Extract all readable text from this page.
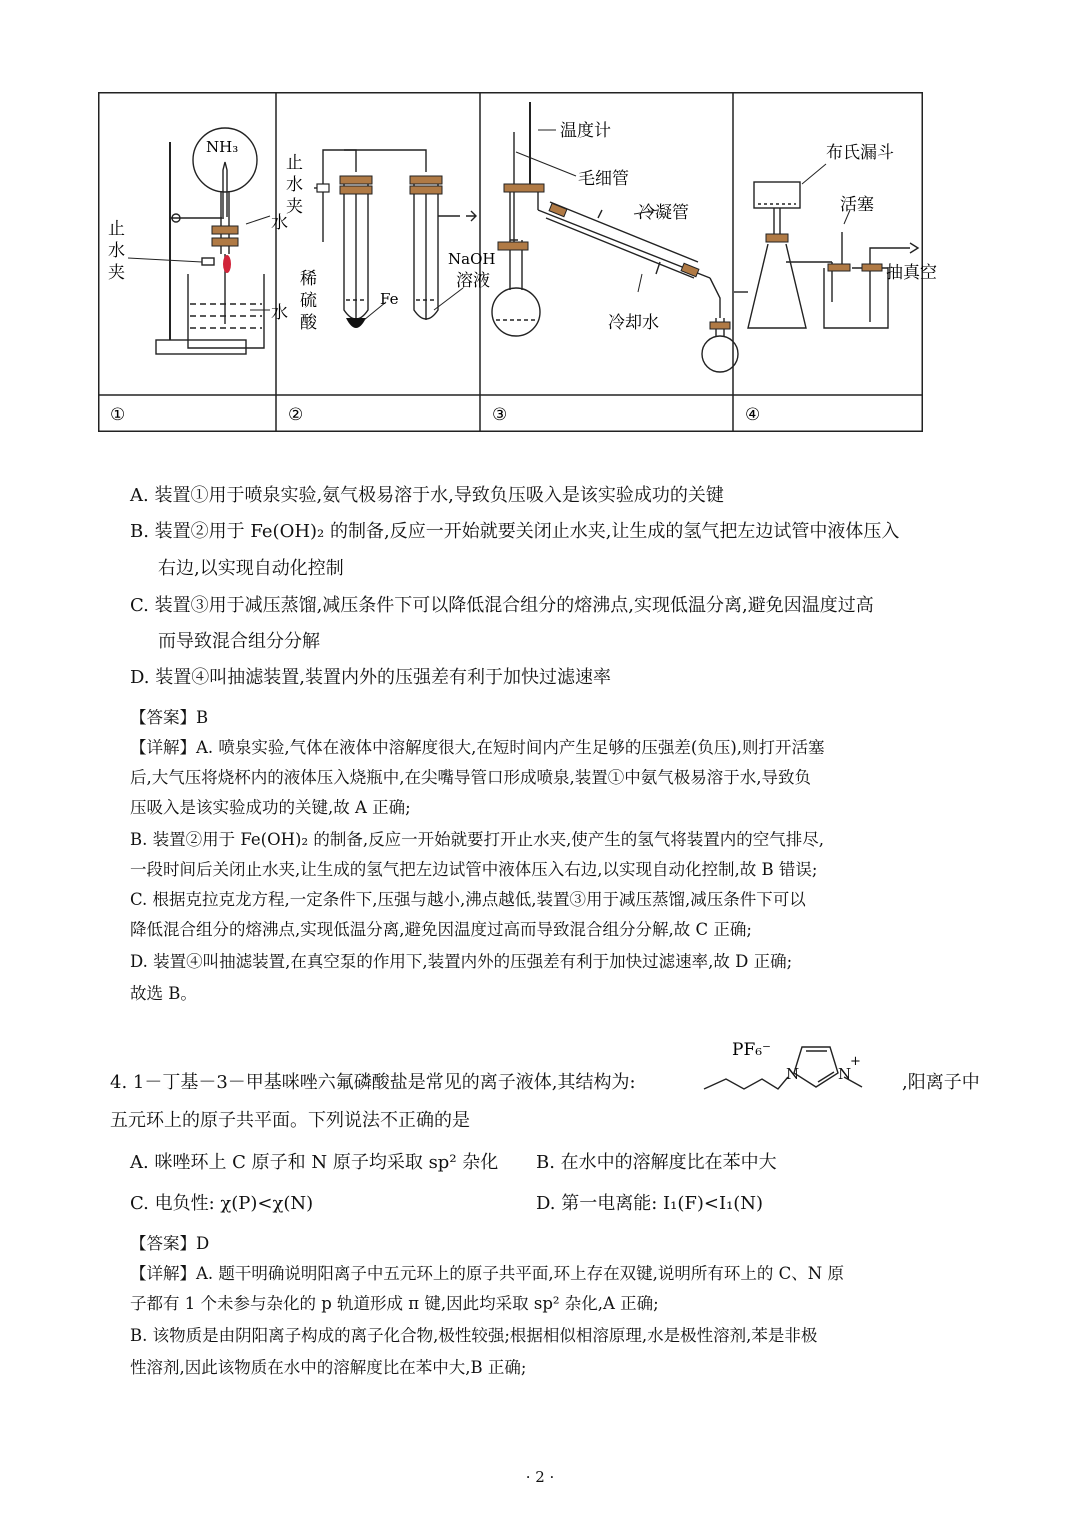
①	②	③	④
NH₃
止
水
夹
水
水
止
水
夹
稀
硫
酸
Fe
NaOH
溶液
温度计
毛细管
冷凝管
冷却水
布氏漏斗
活塞
抽真空
A. 装置①用于喷泉实验,氨气极易溶于水,导致负压吸入是该实验成功的关键
B. 装置②用于 Fe(OH)₂ 的制备,反应一开始就要关闭止水夹,让生成的氢气把左边试管中液体压入
右边,以实现自动化控制
C. 装置③用于减压蒸馏,减压条件下可以降低混合组分的熔沸点,实现低温分离,避免因温度过高
而导致混合组分分解
D. 装置④叫抽滤装置,装置内外的压强差有利于加快过滤速率
【答案】B
【详解】A. 喷泉实验,气体在液体中溶解度很大,在短时间内产生足够的压强差(负压),则打开活塞
后,大气压将烧杯内的液体压入烧瓶中,在尖嘴导管口形成喷泉,装置①中氨气极易溶于水,导致负
压吸入是该实验成功的关键,故 A 正确;
B. 装置②用于 Fe(OH)₂ 的制备,反应一开始就要打开止水夹,使产生的氢气将装置内的空气排尽,
一段时间后关闭止水夹,让生成的氢气把左边试管中液体压入右边,以实现自动化控制,故 B 错误;
C. 根据克拉克龙方程,一定条件下,压强与越小,沸点越低,装置③用于减压蒸馏,减压条件下可以
降低混合组分的熔沸点,实现低温分离,避免因温度过高而导致混合组分分解,故 C 正确;
D. 装置④叫抽滤装置,在真空泵的作用下,装置内外的压强差有利于加快过滤速率,故 D 正确;
故选 B。
PF₆⁻
N	N
+
4. 1－丁基－3－甲基咪唑六氟磷酸盐是常见的离子液体,其结构为:	,阳离子中
五元环上的原子共平面。下列说法不正确的是
A. 咪唑环上 C 原子和 N 原子均采取 sp² 杂化 B. 在水中的溶解度比在苯中大
C. 电负性: χ(P)<χ(N)	D. 第一电离能: I₁(F)<I₁(N)
【答案】D
【详解】A. 题干明确说明阳离子中五元环上的原子共平面,环上存在双键,说明所有环上的 C、N 原
子都有 1 个未参与杂化的 p 轨道形成 π 键,因此均采取 sp² 杂化,A 正确;
B. 该物质是由阴阳离子构成的离子化合物,极性较强;根据相似相溶原理,水是极性溶剂,苯是非极
性溶剂,因此该物质在水中的溶解度比在苯中大,B 正确;
· 2 ·
